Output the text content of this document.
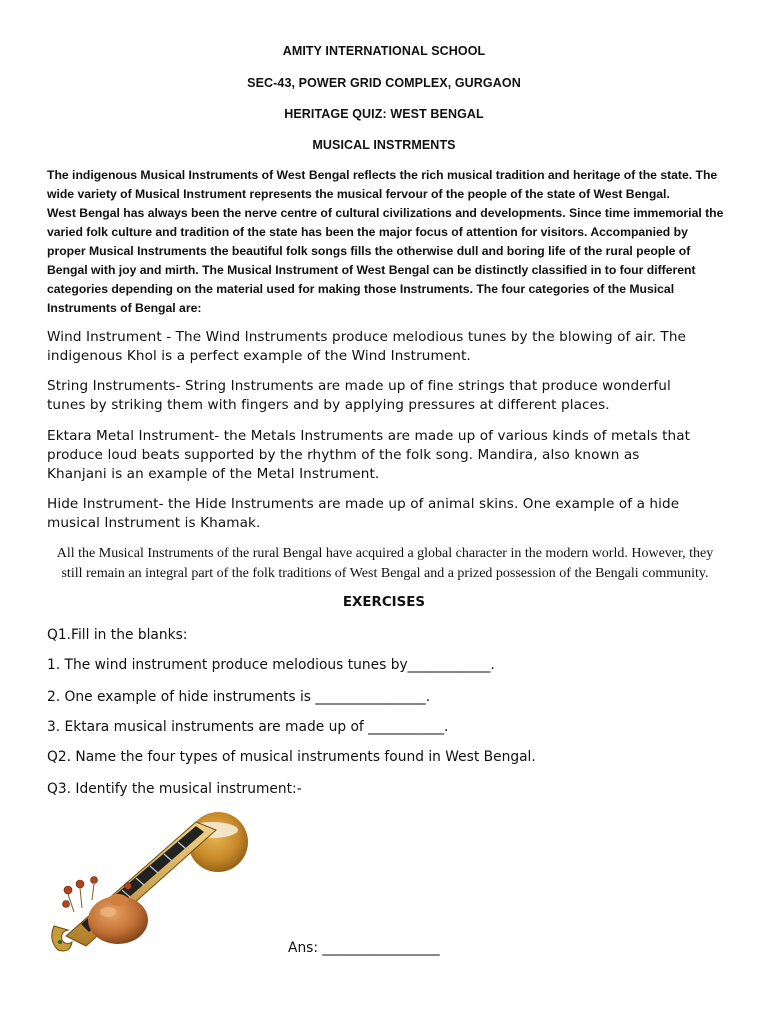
AMITY INTERNATIONAL SCHOOL
SEC-43, POWER GRID COMPLEX, GURGAON
HERITAGE QUIZ: WEST BENGAL
MUSICAL INSTRMENTS
The indigenous Musical Instruments of West Bengal reflects the rich musical tradition and heritage of the state. The
wide variety of Musical Instrument represents the musical fervour of the people of the state of West Bengal.
West Bengal has always been the nerve centre of cultural civilizations and developments. Since time immemorial the
varied folk culture and tradition of the state has been the major focus of attention for visitors. Accompanied by
proper Musical Instruments the beautiful folk songs fills the otherwise dull and boring life of the rural people of
Bengal with joy and mirth. The Musical Instrument of West Bengal can be distinctly classified in to four different
categories depending on the material used for making those Instruments. The four categories of the Musical
Instruments of Bengal are:
Wind Instrument - The Wind Instruments produce melodious tunes by the blowing of air. The
indigenous Khol is a perfect example of the Wind Instrument.
String Instruments- String Instruments are made up of fine strings that produce wonderful
tunes by striking them with fingers and by applying pressures at different places.
Ektara Metal Instrument- the Metals Instruments are made up of various kinds of metals that
produce loud beats supported by the rhythm of the folk song. Mandira, also known as
Khanjani is an example of the Metal Instrument.
Hide Instrument- the Hide Instruments are made up of animal skins. One example of a hide
musical Instrument is Khamak.
All the Musical Instruments of the rural Bengal have acquired a global character in the modern world. However, they
still remain an integral part of the folk traditions of West Bengal and a prized possession of the Bengali community.
EXERCISES
Q1.Fill in the blanks:
1. The wind instrument produce melodious tunes by____________.
2. One example of hide instruments is ________________.
3. Ektara musical instruments are made up of ___________.
Q2. Name the four types of musical instruments found in West Bengal.
Q3. Identify the musical instrument:-
Ans: _________________
